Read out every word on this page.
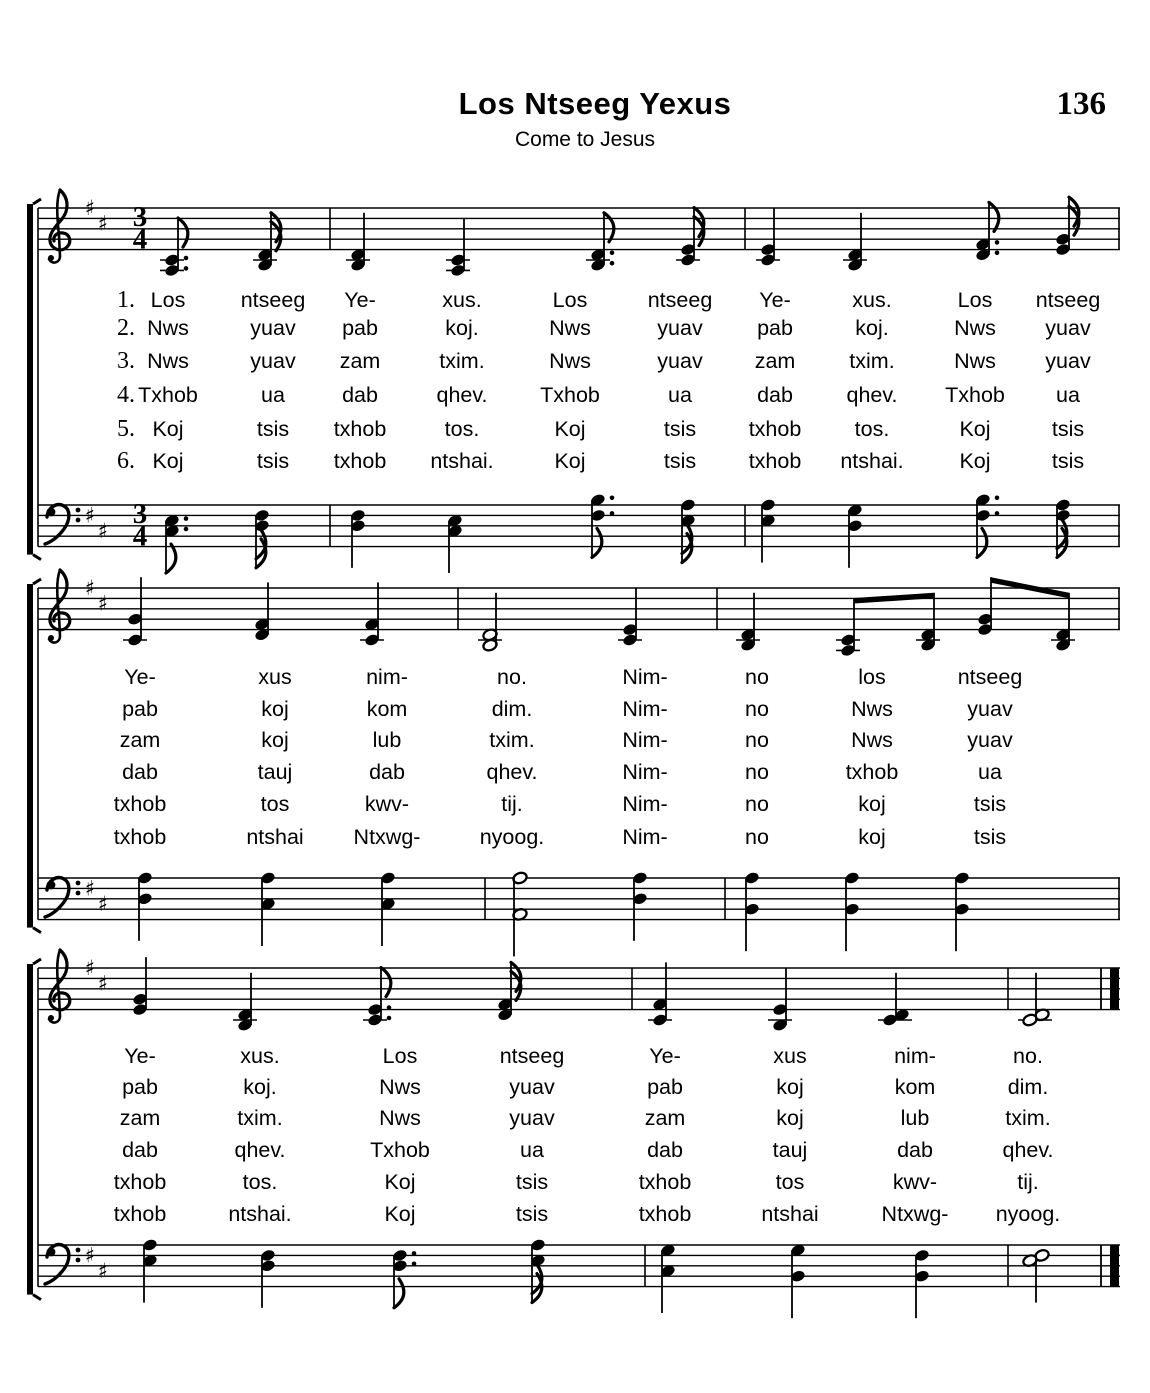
Los Ntseeg Yexus	136
Come to Jesus
♯
♯ 3
4
♯
♯
3
4
1.
2.
3.
4.
5.
6.
Los	ntseeg Ye-	xus.	Los	ntseeg Ye-	xus.	Los ntseeg
Nws	yuav pab	koj.	Nws	yuav	pab	koj.	Nws yuav
Nws	yuav zam	txim.	Nws	yuav zam	txim.	Nws yuav
Txhob	ua	dab	qhev. Txhob	ua	dab qhev. Txhob ua
Koj	tsis txhob	tos.	Koj	tsis txhob tos.	Koj	tsis
Koj	tsis txhob ntshai.	Koj	tsis txhob ntshai.	Koj	tsis
♯
♯
♯
♯
Ye-	xus	nim-	no.	Nim-	no	los	ntseeg
pab	koj	kom	dim.	Nim-	no	Nws	yuav
zam	koj	lub	txim.	Nim-	no	Nws	yuav
dab	tauj	dab	qhev.	Nim-	no	txhob	ua
txhob	tos	kwv-	tij.	Nim-	no	koj	tsis
txhob	ntshai Ntxwg-	nyoog.	Nim-	no	koj	tsis
♯
♯
♯
♯
Ye-	xus.	Los	ntseeg	Ye-	xus	nim-	no.
pab	koj.	Nws	yuav	pab	koj	kom	dim.
zam	txim.	Nws	yuav	zam	koj	lub	txim.
dab	qhev.	Txhob	ua	dab	tauj	dab	qhev.
txhob	tos.	Koj	tsis	txhob	tos	kwv-	tij.
txhob	ntshai.	Koj	tsis	txhob	ntshai	Ntxwg- nyoog.
